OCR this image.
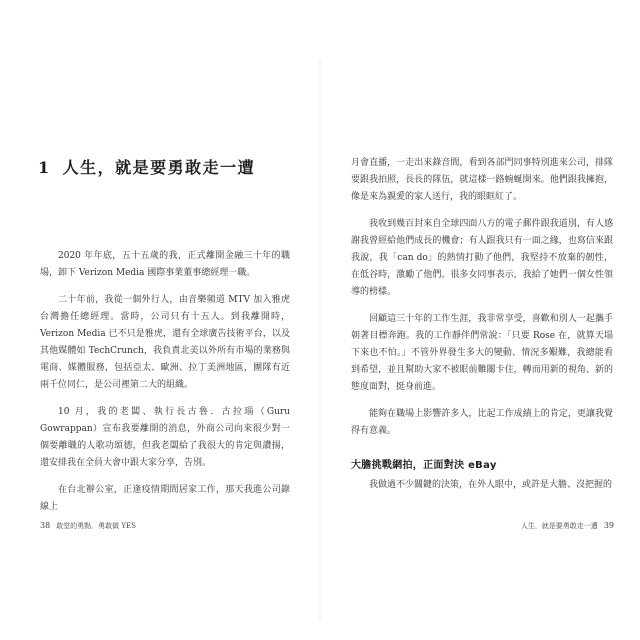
1 人生，就是要勇敢走一遭

2020 年年底，五十五歲的我，正式離開金融三十年的職場，卸下 Verizon Media 國際事業董事總經理一職。

二十年前，我從一個外行人，由音樂頻道 MTV 加入雅虎台灣擔任總經理。當時，公司只有十五人。到我離開時，Verizon Media 已不只是雅虎，還有全球廣告技術平台，以及其他媒體如 TechCrunch，我負責北美以外所有市場的業務與電商、媒體服務，包括亞太、歐洲、拉丁美洲地區，團隊有近兩千位同仁，是公司裡第二大的組織。

10 月，我的老闆、執行長古魯．古拉瑙（Guru Gowrappan）宣布我要離開的消息，外商公司向來很少對一個要離職的人歌功頌德，但我老闆給了我很大的肯定與讚揚，還安排我在全員大會中跟大家分享，告別。

在台北辦公室，正逢疫情期間居家工作，那天我進公司錄線上

38 敢堂的勇點．勇敢做 YES

月會直播，一走出來錄音間，看到各部門同事特別進來公司，排隊要跟我拍照，長長的隊伍，就這樣一路蜿蜒開來。他們跟我擁抱，像是來為親愛的家人送行，我的眼眶紅了。

我收到幾百封來自全球四面八方的電子郵件跟我道別，有人感謝我曾經給他們成長的機會；有人跟我只有一面之緣，也寫信來跟我說，我「can do」的熱情打動了他們，我堅持不放棄的韌性，在低谷時，激勵了他們。很多女同事表示，我給了她們一個女性領導的榜樣。

回顧這三十年的工作生涯，我非常享受，喜歡和別人一起攜手朝著目標奔跑。我的工作靜伴們常說：「只要 Rose 在，就算天塌下來也不怕。」不管外界發生多大的變動、情況多艱難，我總能看到希望，並且幫助大家不被眼前難關卡住，轉而用新的視角、新的態度面對，挺身前進。

能夠在職場上影響許多人，比起工作成績上的肯定，更讓我覺得有意義。

大膽挑戰網拍，正面對決 eBay

我做過不少關鍵的決策，在外人眼中，或許是大膽、沒把握的

人生，就是要勇敢走一遭 39
